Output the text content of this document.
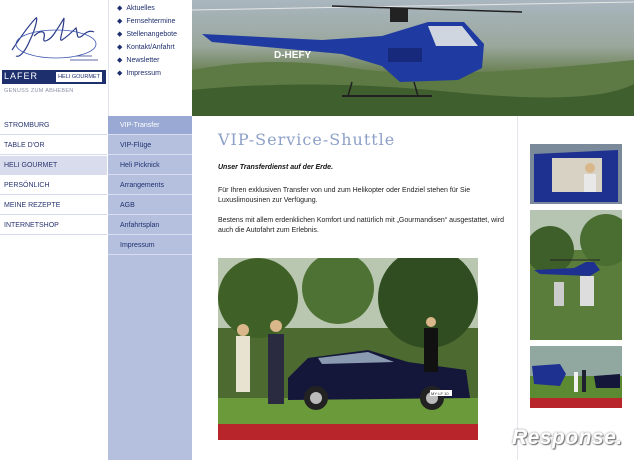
LAFER	HELI GOURMET
GENUSS ZUM ABHEBEN
◆ Aktuelles
◆ Fernsehtermine
◆ Stellenangebote
◆ Kontakt/Anfahrt
◆ Newsletter
◆ Impressum
D-HEFY
STROMBURG
TABLE D'OR
HELI GOURMET
PERSÖNLICH
MEINE REZEPTE
INTERNETSHOP
VIP-Transfer
VIP-Flüge
Heli Picknick
Arrangements
AGB
Anfahrtsplan
Impressum
VIP-Service-Shuttle
Unser Transferdienst auf der Erde.
Für Ihren exklusiven Transfer von und zum Helikopter oder Endziel stehen für Sie Luxuslimousinen zur Verfügung.
Bestens mit allem erdenklichen Komfort und natürlich mit „Gourmandisen“ ausgestattet, wird auch die Autofahrt zum Erlebnis.
MY·LF 10
Response.
